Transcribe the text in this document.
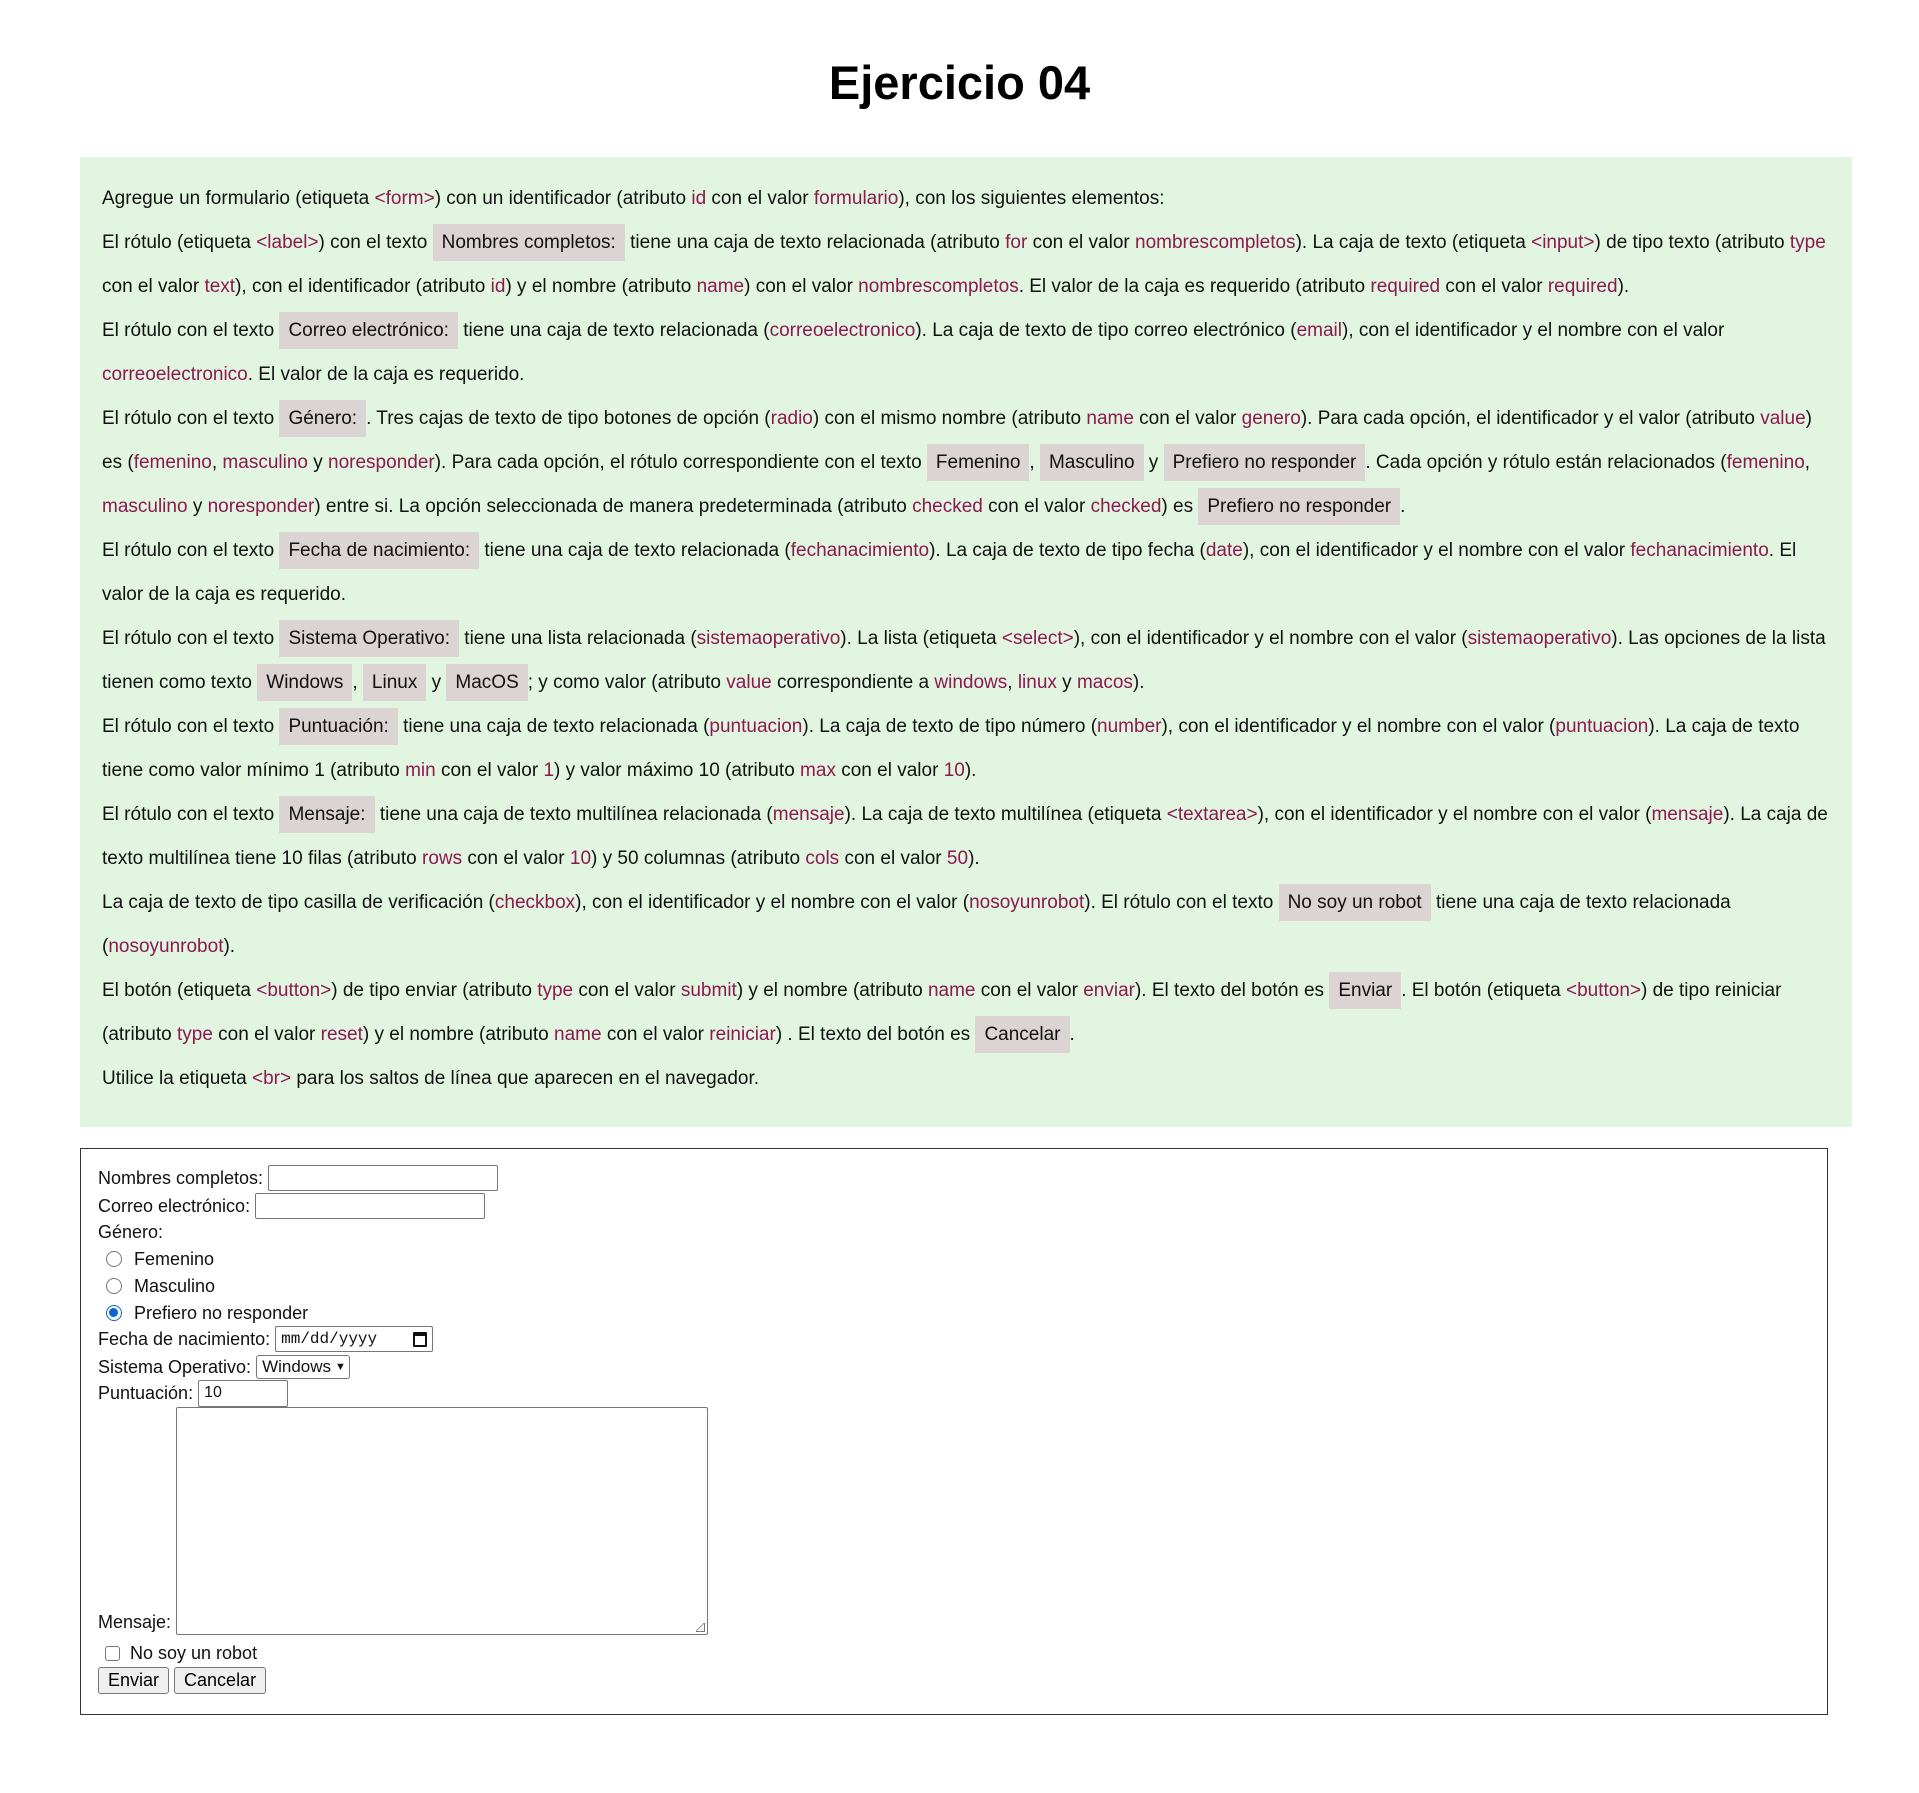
Ejercicio 04

Agregue un formulario (etiqueta <form>) con un identificador (atributo id con el valor formulario), con los siguientes elementos:

El rótulo (etiqueta <label>) con el texto Nombres completos: tiene una caja de texto relacionada (atributo for con el valor nombrescompletos). La caja de texto (etiqueta <input>) de tipo texto (atributo type con el valor text), con el identificador (atributo id) y el nombre (atributo name) con el valor nombrescompletos. El valor de la caja es requerido (atributo required con el valor required).

El rótulo con el texto Correo electrónico: tiene una caja de texto relacionada (correoelectronico). La caja de texto de tipo correo electrónico (email), con el identificador y el nombre con el valor correoelectronico. El valor de la caja es requerido.

El rótulo con el texto Género: . Tres cajas de texto de tipo botones de opción (radio) con el mismo nombre (atributo name con el valor genero). Para cada opción, el identificador y el valor (atributo value) es (femenino, masculino y noresponder). Para cada opción, el rótulo correspondiente con el texto Femenino , Masculino y Prefiero no responder . Cada opción y rótulo están relacionados (femenino, masculino y noresponder) entre si. La opción seleccionada de manera predeterminada (atributo checked con el valor checked) es Prefiero no responder .

El rótulo con el texto Fecha de nacimiento: tiene una caja de texto relacionada (fechanacimiento). La caja de texto de tipo fecha (date), con el identificador y el nombre con el valor fechanacimiento. El valor de la caja es requerido.

El rótulo con el texto Sistema Operativo: tiene una lista relacionada (sistemaoperativo). La lista (etiqueta <select>), con el identificador y el nombre con el valor (sistemaoperativo). Las opciones de la lista tienen como texto Windows , Linux y MacOS ; y como valor (atributo value correspondiente a windows, linux y macos).

El rótulo con el texto Puntuación: tiene una caja de texto relacionada (puntuacion). La caja de texto de tipo número (number), con el identificador y el nombre con el valor (puntuacion). La caja de texto tiene como valor mínimo 1 (atributo min con el valor 1) y valor máximo 10 (atributo max con el valor 10).

El rótulo con el texto Mensaje: tiene una caja de texto multilínea relacionada (mensaje). La caja de texto multilínea (etiqueta <textarea>), con el identificador y el nombre con el valor (mensaje). La caja de texto multilínea tiene 10 filas (atributo rows con el valor 10) y 50 columnas (atributo cols con el valor 50).

La caja de texto de tipo casilla de verificación (checkbox), con el identificador y el nombre con el valor (nosoyunrobot). El rótulo con el texto No soy un robot tiene una caja de texto relacionada (nosoyunrobot).

El botón (etiqueta <button>) de tipo enviar (atributo type con el valor submit) y el nombre (atributo name con el valor enviar). El texto del botón es Enviar . El botón (etiqueta <button>) de tipo reiniciar (atributo type con el valor reset) y el nombre (atributo name con el valor reiniciar) . El texto del botón es Cancelar .

Utilice la etiqueta <br> para los saltos de línea que aparecen en el navegador.

Nombres completos:
Correo electrónico:
Género:
Femenino
Masculino
Prefiero no responder
Fecha de nacimiento: mm/dd/yyyy
Sistema Operativo: Windows ▼
Puntuación: 10
Mensaje:
No soy un robot
Enviar	Cancelar
